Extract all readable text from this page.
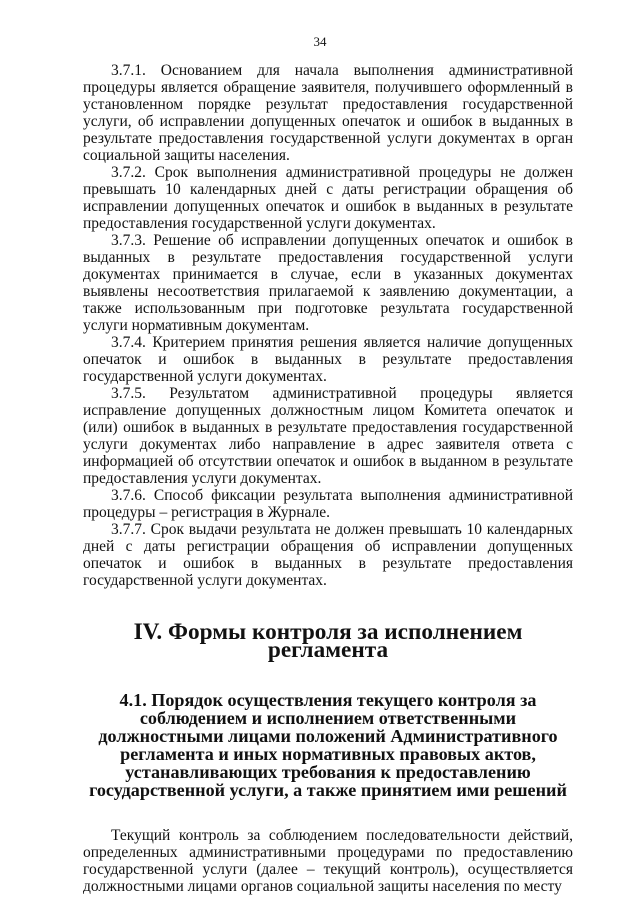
34

3.7.1. Основанием для начала выполнения административной процедуры является обращение заявителя, получившего оформленный в установленном порядке результат предоставления государственной услуги, об исправлении допущенных опечаток и ошибок в выданных в результате предоставления государственной услуги документах в орган социальной защиты населения.

3.7.2. Срок выполнения административной процедуры не должен превышать 10 календарных дней с даты регистрации обращения об исправлении допущенных опечаток и ошибок в выданных в результате предоставления государственной услуги документах.

3.7.3. Решение об исправлении допущенных опечаток и ошибок в выданных в результате предоставления государственной услуги документах принимается в случае, если в указанных документах выявлены несоответствия прилагаемой к заявлению документации, а также использованным при подготовке результата государственной услуги нормативным документам.

3.7.4. Критерием принятия решения является наличие допущенных опечаток и ошибок в выданных в результате предоставления государственной услуги документах.

3.7.5. Результатом административной процедуры является исправление допущенных должностным лицом Комитета опечаток и (или) ошибок в выданных в результате предоставления государственной услуги документах либо направление в адрес заявителя ответа с информацией об отсутствии опечаток и ошибок в выданном в результате предоставления услуги документах.

3.7.6. Способ фиксации результата выполнения административной процедуры – регистрация в Журнале.

3.7.7. Срок выдачи результата не должен превышать 10 календарных дней с даты регистрации обращения об исправлении допущенных опечаток и ошибок в выданных в результате предоставления государственной услуги документах.

IV. Формы контроля за исполнением регламента
4.1. Порядок осуществления текущего контроля за соблюдением и исполнением ответственными должностными лицами положений Административного регламента и иных нормативных правовых актов, устанавливающих требования к предоставлению государственной услуги, а также принятием ими решений

Текущий контроль за соблюдением последовательности действий, определенных административными процедурами по предоставлению государственной услуги (далее – текущий контроль), осуществляется должностными лицами органов социальной защиты населения по месту
